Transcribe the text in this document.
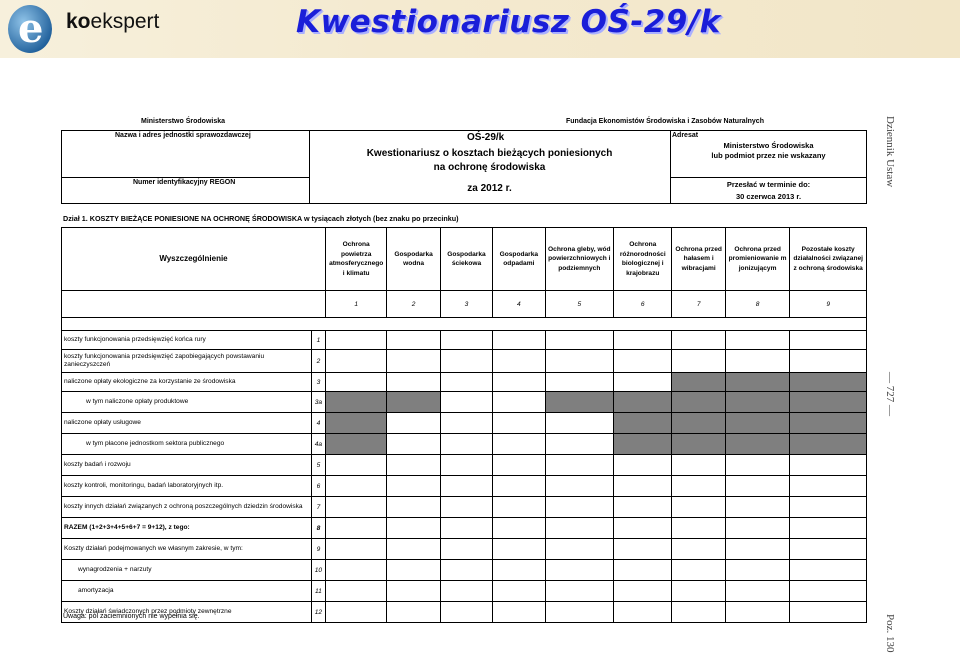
e koekspert	Kwestionariusz OŚ-29/k
Dziennik Ustaw
— 727 —
Poz. 130
Ministerstwo Środowiska	Fundacja Ekonomistów Środowiska i Zasobów Naturalnych
Nazwa i adres jednostki sprawozdawczej
Numer identyfikacyjny REGON
OŚ-29/k
Kwestionariusz o kosztach bieżących poniesionych
na ochronę środowiska
za 2012 r.
Adresat
Ministerstwo Środowiska
lub podmiot przez nie wskazany
Przesłać w terminie do:
30 czerwca 2013 r.
Dział 1. KOSZTY BIEŻĄCE PONIESIONE NA OCHRONĘ ŚRODOWISKA w tysiącach złotych (bez znaku po przecinku)
Wyszczególnienie		Ochrona powietrza atmosferycznego i klimatu	Gospodarka wodna	Gospodarka ściekowa	Gospodarka odpadami	Ochrona gleby, wód powierzchniowych i podziemnych	Ochrona różnorodności biologicznej i krajobrazu	Ochrona przed hałasem i wibracjami	Ochrona przed promieniowanie m jonizującym	Pozostałe koszty działalności związanej z ochroną środowiska
		1	2	3	4	5	6	7	8	9

koszty funkcjonowania przedsięwzięć końca rury	1									
koszty funkcjonowania przedsięwzięć zapobiegających powstawaniu zanieczyszczeń	2									
naliczone opłaty ekologiczne za korzystanie ze środowiska	3									
w tym naliczone opłaty produktowe	3a									
naliczone opłaty usługowe	4									
w tym płacone jednostkom sektora publicznego	4a									
koszty badań i rozwoju	5									
koszty kontroli, monitoringu, badań laboratoryjnych itp.	6									
koszty innych działań związanych z ochroną poszczególnych dziedzin środowiska	7									
RAZEM (1+2+3+4+5+6+7 = 9+12), z tego:	8									
Koszty działań podejmowanych we własnym zakresie, w tym:	9									
wynagrodzenia + narzuty	10									
amortyzacja	11									
Koszty działań świadczonych przez podmioty zewnętrzne	12									
Uwaga: pól zaciemnionych nie wypełnia się.
